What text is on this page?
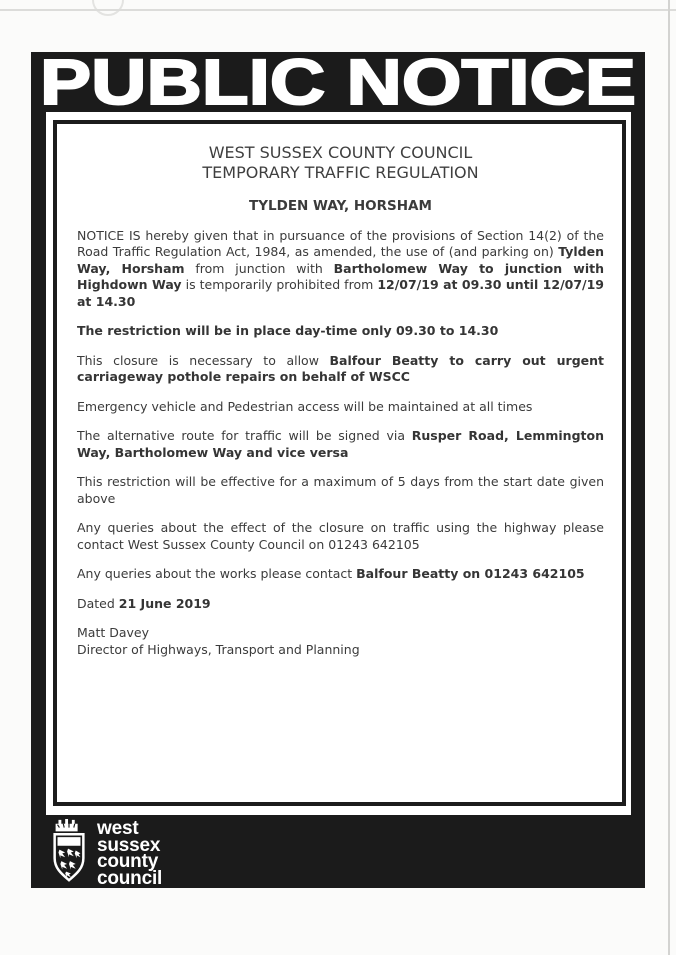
PUBLIC NOTICE
WEST SUSSEX COUNTY COUNCIL
TEMPORARY TRAFFIC REGULATION
TYLDEN WAY, HORSHAM

NOTICE IS hereby given that in pursuance of the provisions of Section 14(2) of the Road Traffic Regulation Act, 1984, as amended, the use of (and parking on) Tylden Way, Horsham from junction with Bartholomew Way to junction with Highdown Way is temporarily prohibited from 12/07/19 at 09.30 until 12/07/19 at 14.30

The restriction will be in place day-time only 09.30 to 14.30

This closure is necessary to allow Balfour Beatty to carry out urgent carriageway pothole repairs on behalf of WSCC

Emergency vehicle and Pedestrian access will be maintained at all times

The alternative route for traffic will be signed via Rusper Road, Lemmington Way, Bartholomew Way and vice versa

This restriction will be effective for a maximum of 5 days from the start date given above

Any queries about the effect of the closure on traffic using the highway please contact West Sussex County Council on 01243 642105

Any queries about the works please contact Balfour Beatty on 01243 642105

Dated 21 June 2019

Matt Davey
Director of Highways, Transport and Planning

west
sussex
county
council
